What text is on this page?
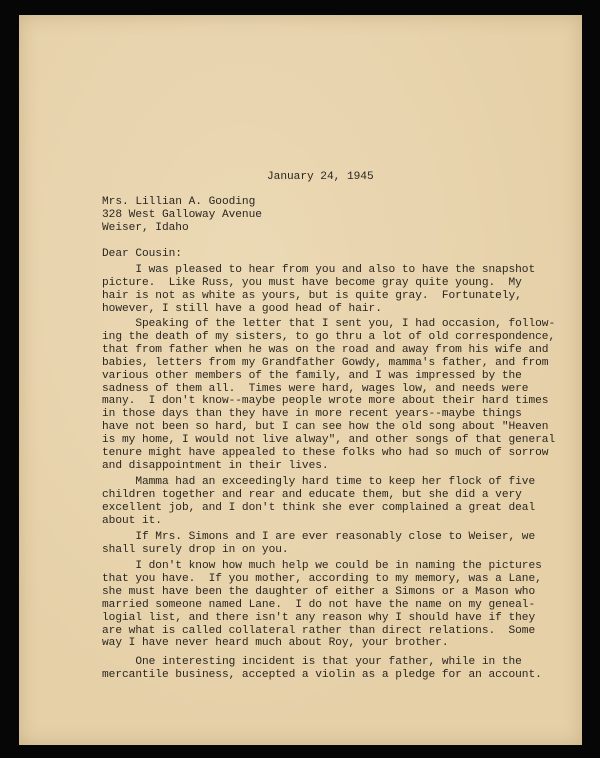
January 24, 1945
Mrs. Lillian A. Gooding
328 West Galloway Avenue
Weiser, Idaho
Dear Cousin:
I was pleased to hear from you and also to have the snapshot
picture.  Like Russ, you must have become gray quite young.  My
hair is not as white as yours, but is quite gray.  Fortunately,
however, I still have a good head of hair.
Speaking of the letter that I sent you, I had occasion, follow-
ing the death of my sisters, to go thru a lot of old correspondence,
that from father when he was on the road and away from his wife and
babies, letters from my Grandfather Gowdy, mamma's father, and from
various other members of the family, and I was impressed by the
sadness of them all.  Times were hard, wages low, and needs were
many.  I don't know--maybe people wrote more about their hard times
in those days than they have in more recent years--maybe things
have not been so hard, but I can see how the old song about "Heaven
is my home, I would not live alway", and other songs of that general
tenure might have appealed to these folks who had so much of sorrow
and disappointment in their lives.
Mamma had an exceedingly hard time to keep her flock of five
children together and rear and educate them, but she did a very
excellent job, and I don't think she ever complained a great deal
about it.
If Mrs. Simons and I are ever reasonably close to Weiser, we
shall surely drop in on you.
I don't know how much help we could be in naming the pictures
that you have.  If you mother, according to my memory, was a Lane,
she must have been the daughter of either a Simons or a Mason who
married someone named Lane.  I do not have the name on my geneal-
logial list, and there isn't any reason why I should have if they
are what is called collateral rather than direct relations.  Some
way I have never heard much about Roy, your brother.
One interesting incident is that your father, while in the
mercantile business, accepted a violin as a pledge for an account.
